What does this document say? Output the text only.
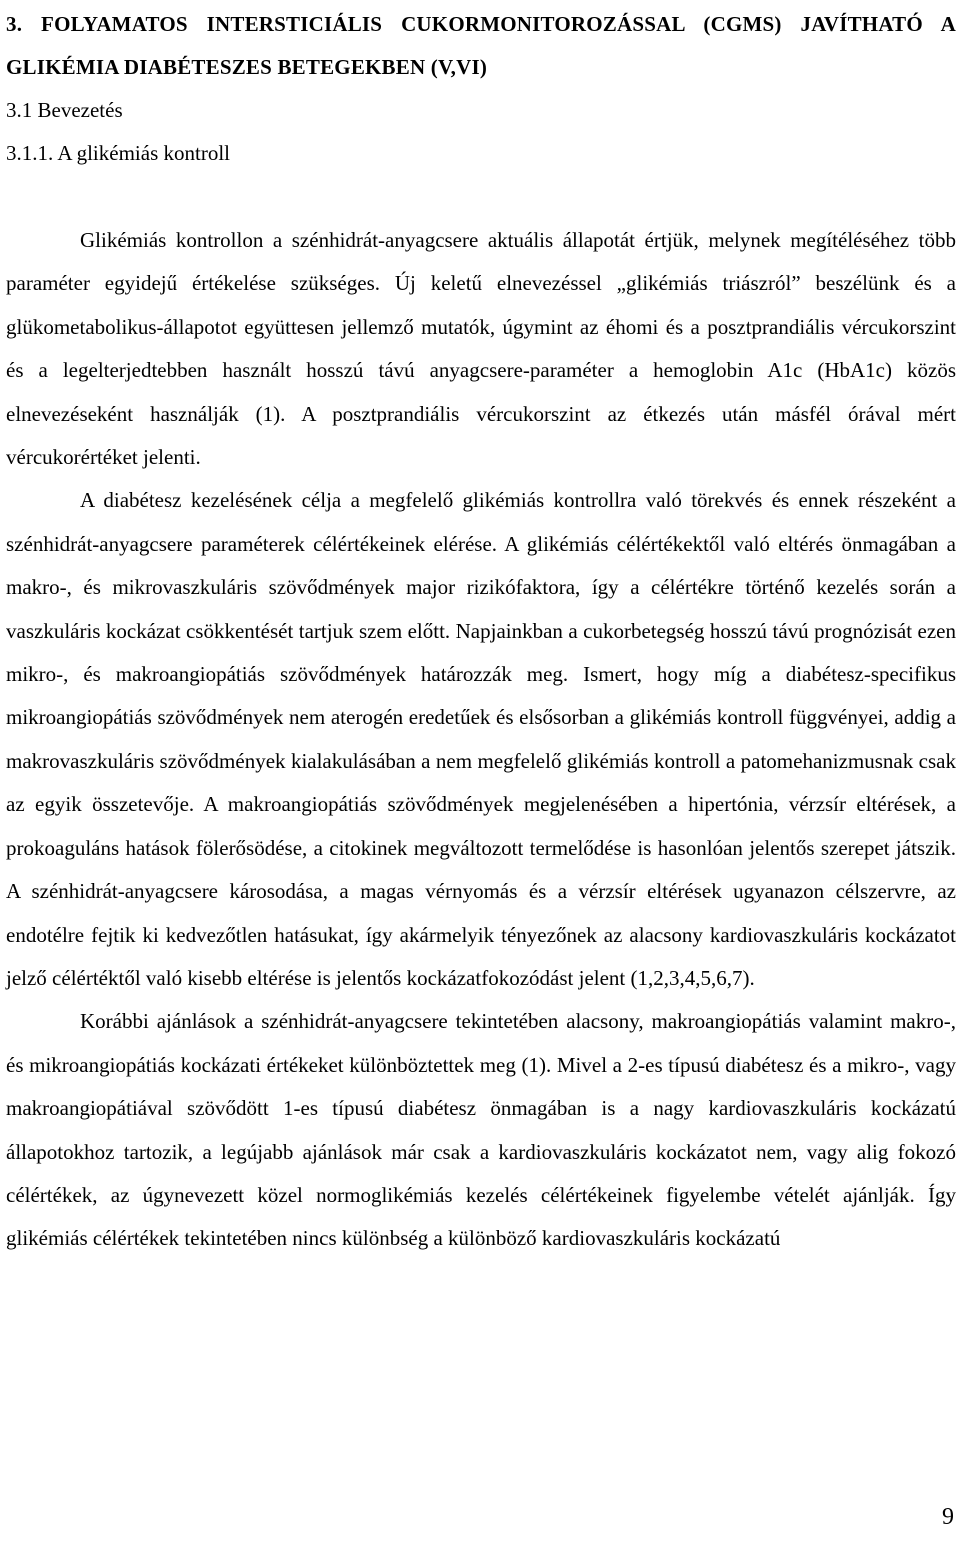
3. FOLYAMATOS INTERSTICIÁLIS CUKORMONITOROZÁSSAL (CGMS) JAVÍTHATÓ A GLIKÉMIA DIABÉTESZES BETEGEKBEN (V,VI)
3.1 Bevezetés
3.1.1. A glikémiás kontroll

Glikémiás kontrollon a szénhidrát-anyagcsere aktuális állapotát értjük, melynek megítéléséhez több paraméter egyidejű értékelése szükséges. Új keletű elnevezéssel „glikémiás triászról” beszélünk és a glükometabolikus-állapotot együttesen jellemző mutatók, úgymint az éhomi és a posztprandiális vércukorszint és a legelterjedtebben használt hosszú távú anyagcsere-paraméter a hemoglobin A1c (HbA1c) közös elnevezéseként használják (1). A posztprandiális vércukorszint az étkezés után másfél órával mért vércukorértéket jelenti.

A diabétesz kezelésének célja a megfelelő glikémiás kontrollra való törekvés és ennek részeként a szénhidrát-anyagcsere paraméterek célértékeinek elérése. A glikémiás célértékektől való eltérés önmagában a makro-, és mikrovaszkuláris szövődmények major rizikófaktora, így a célértékre történő kezelés során a vaszkuláris kockázat csökkentését tartjuk szem előtt. Napjainkban a cukorbetegség hosszú távú prognózisát ezen mikro-, és makroangiopátiás szövődmények határozzák meg. Ismert, hogy míg a diabétesz-specifikus mikroangiopátiás szövődmények nem aterogén eredetűek és elsősorban a glikémiás kontroll függvényei, addig a makrovaszkuláris szövődmények kialakulásában a nem megfelelő glikémiás kontroll a patomehanizmusnak csak az egyik összetevője. A makroangiopátiás szövődmények megjelenésében a hipertónia, vérzsír eltérések, a prokoaguláns hatások fölerősödése, a citokinek megváltozott termelődése is hasonlóan jelentős szerepet játszik. A szénhidrát-anyagcsere károsodása, a magas vérnyomás és a vérzsír eltérések ugyanazon célszervre, az endotélre fejtik ki kedvezőtlen hatásukat, így akármelyik tényezőnek az alacsony kardiovaszkuláris kockázatot jelző célértéktől való kisebb eltérése is jelentős kockázatfokozódást jelent (1,2,3,4,5,6,7).

Korábbi ajánlások a szénhidrát-anyagcsere tekintetében alacsony, makroangiopátiás valamint makro-, és mikroangiopátiás kockázati értékeket különböztettek meg (1). Mivel a 2-es típusú diabétesz és a mikro-, vagy makroangiopátiával szövődött 1-es típusú diabétesz önmagában is a nagy kardiovaszkuláris kockázatú állapotokhoz tartozik, a legújabb ajánlások már csak a kardiovaszkuláris kockázatot nem, vagy alig fokozó célértékek, az úgynevezett közel normoglikémiás kezelés célértékeinek figyelembe vételét ajánlják. Így glikémiás célértékek tekintetében nincs különbség a különböző kardiovaszkuláris kockázatú

9
